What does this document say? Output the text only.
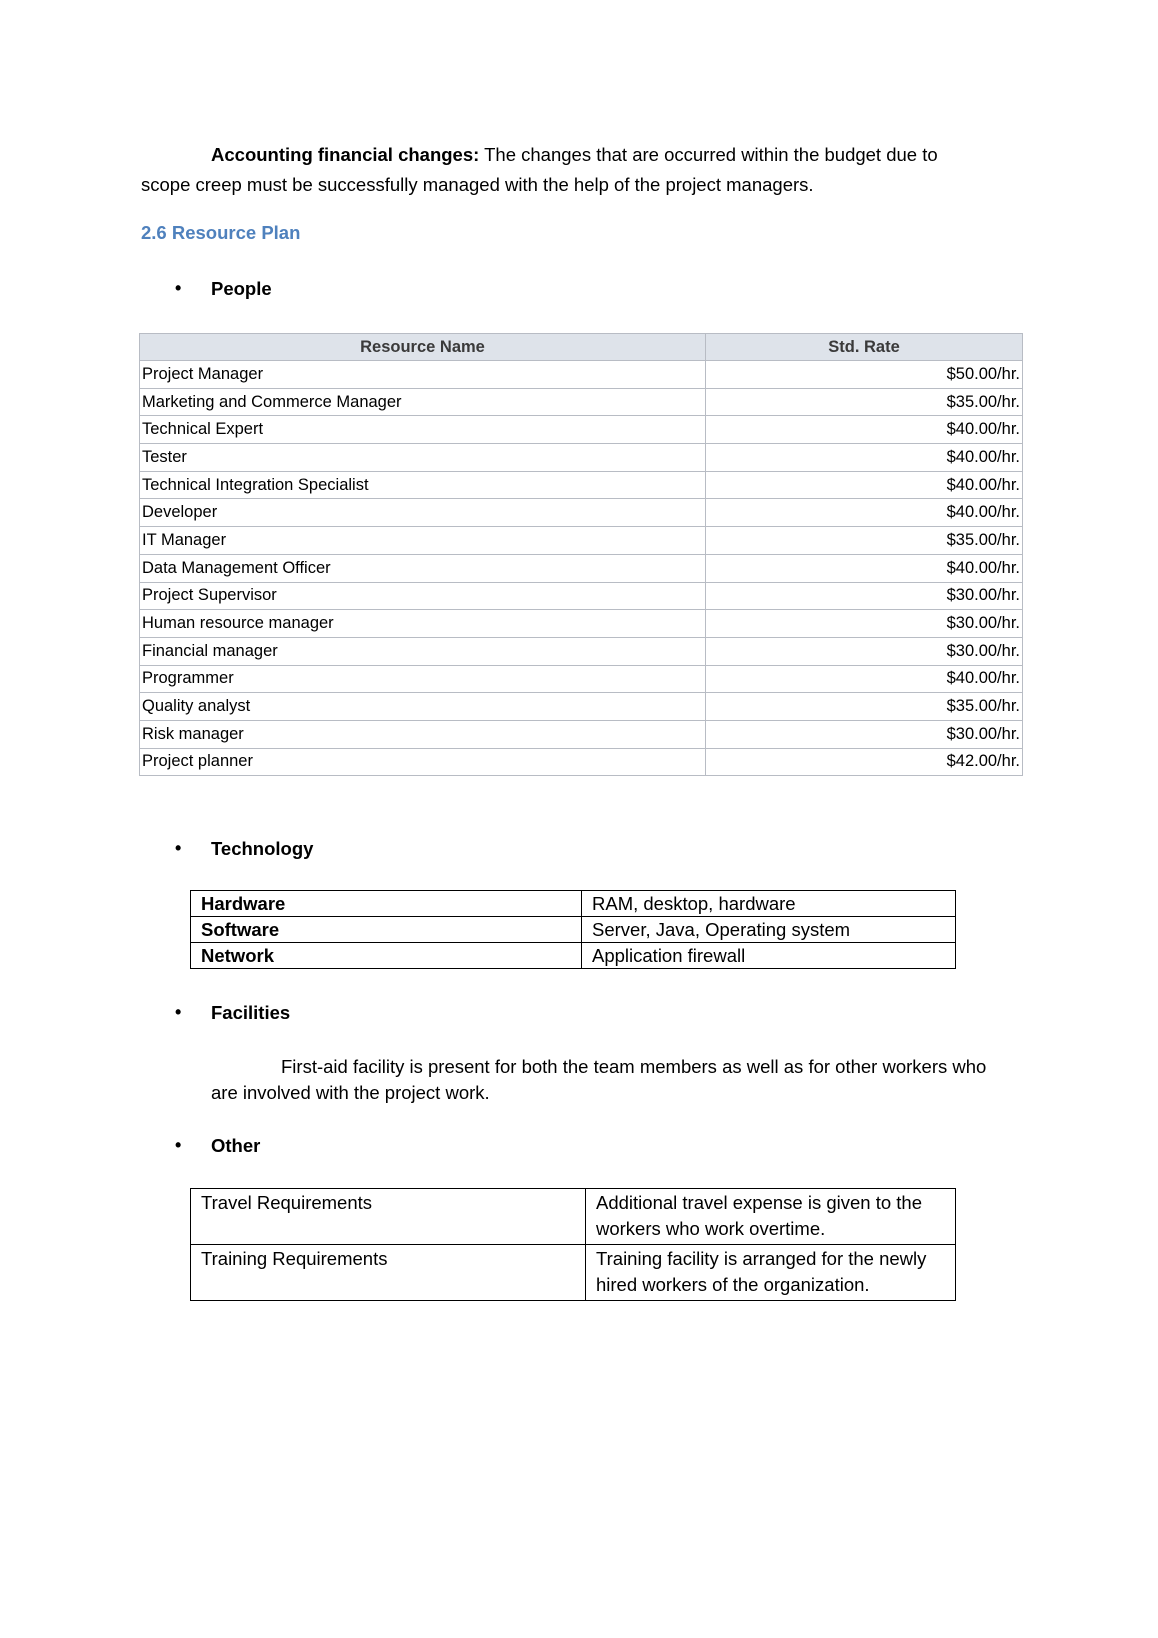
Accounting financial changes: The changes that are occurred within the budget due to scope creep must be successfully managed with the help of the project managers.
2.6 Resource Plan
• People
Resource Name	Std. Rate
Project Manager	$50.00/hr.
Marketing and Commerce Manager	$35.00/hr.
Technical Expert	$40.00/hr.
Tester	$40.00/hr.
Technical Integration Specialist	$40.00/hr.
Developer	$40.00/hr.
IT Manager	$35.00/hr.
Data Management Officer	$40.00/hr.
Project Supervisor	$30.00/hr.
Human resource manager	$30.00/hr.
Financial manager	$30.00/hr.
Programmer	$40.00/hr.
Quality analyst	$35.00/hr.
Risk manager	$30.00/hr.
Project planner	$42.00/hr.
• Technology
Hardware	RAM, desktop, hardware
Software	Server, Java, Operating system
Network	Application firewall
• Facilities
First-aid facility is present for both the team members as well as for other workers who are involved with the project work.
• Other
Travel Requirements	Additional travel expense is given to the workers who work overtime.
Training Requirements	Training facility is arranged for the newly hired workers of the organization.
